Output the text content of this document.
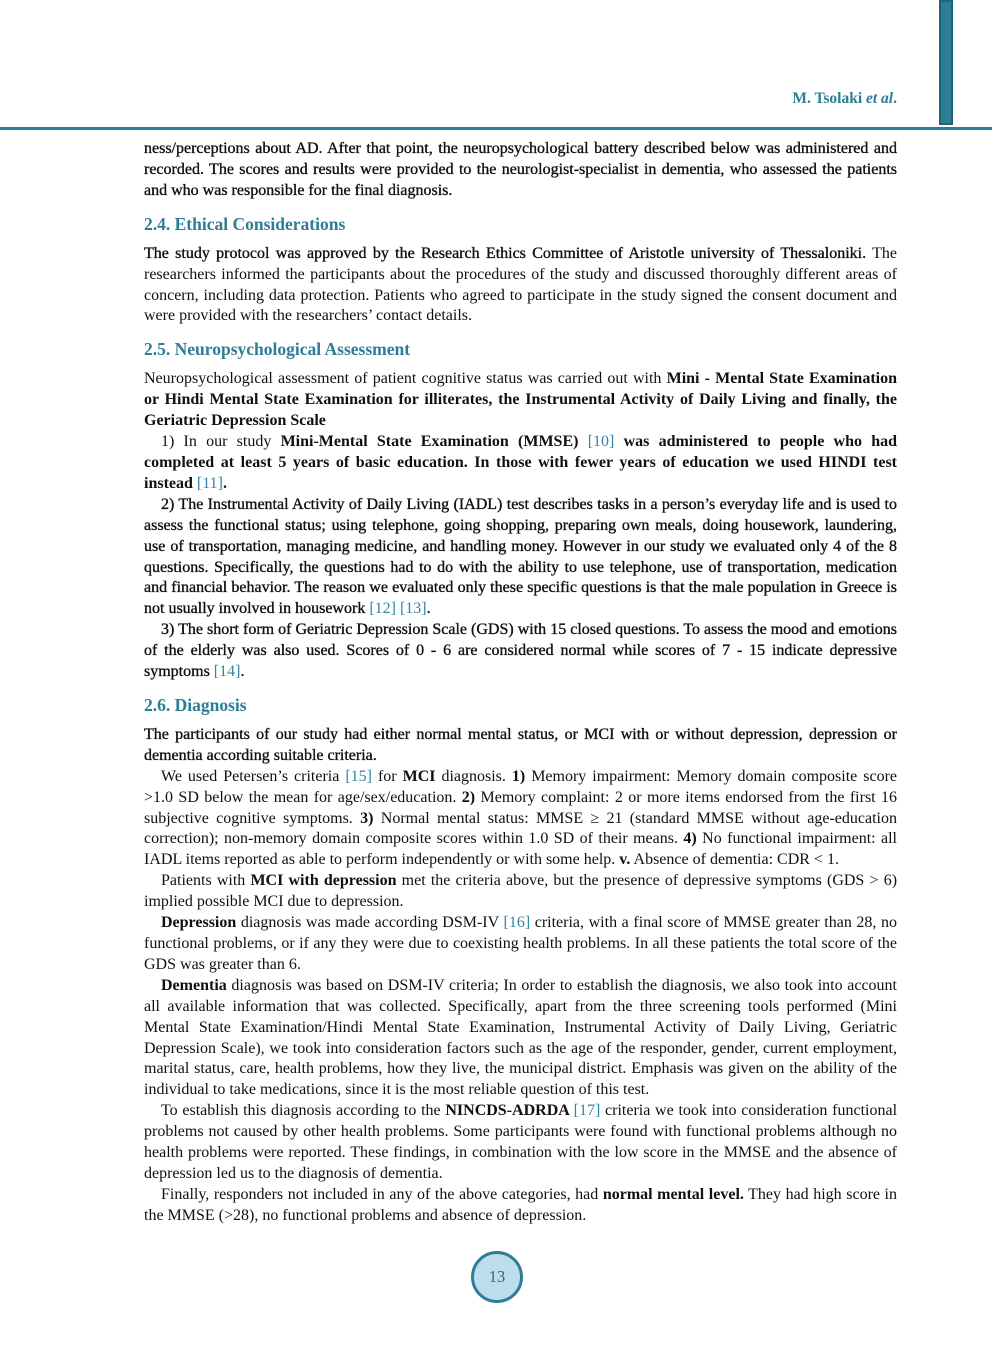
M. Tsolaki et al.

ness/perceptions about AD. After that point, the neuropsychological battery described below was administered and recorded. The scores and results were provided to the neurologist-specialist in dementia, who assessed the patients and who was responsible for the final diagnosis.

2.4. Ethical Considerations

The study protocol was approved by the Research Ethics Committee of Aristotle university of Thessaloniki. The researchers informed the participants about the procedures of the study and discussed thoroughly different areas of concern, including data protection. Patients who agreed to participate in the study signed the consent document and were provided with the researchers’ contact details.

2.5. Neuropsychological Assessment

Neuropsychological assessment of patient cognitive status was carried out with Mini - Mental State Examination or Hindi Mental State Examination for illiterates, the Instrumental Activity of Daily Living and finally, the Geriatric Depression Scale

1) In our study Mini-Mental State Examination (MMSE) [10] was administered to people who had completed at least 5 years of basic education. In those with fewer years of education we used HINDI test instead [11].

2) The Instrumental Activity of Daily Living (IADL) test describes tasks in a person’s everyday life and is used to assess the functional status; using telephone, going shopping, preparing own meals, doing housework, laundering, use of transportation, managing medicine, and handling money. However in our study we evaluated only 4 of the 8 questions. Specifically, the questions had to do with the ability to use telephone, use of transportation, medication and financial behavior. The reason we evaluated only these specific questions is that the male population in Greece is not usually involved in housework [12] [13].

3) The short form of Geriatric Depression Scale (GDS) with 15 closed questions. To assess the mood and emotions of the elderly was also used. Scores of 0 - 6 are considered normal while scores of 7 - 15 indicate depressive symptoms [14].

2.6. Diagnosis

The participants of our study had either normal mental status, or MCI with or without depression, depression or dementia according suitable criteria.

We used Petersen’s criteria [15] for MCI diagnosis. 1) Memory impairment: Memory domain composite score >1.0 SD below the mean for age/sex/education. 2) Memory complaint: 2 or more items endorsed from the first 16 subjective cognitive symptoms. 3) Normal mental status: MMSE ≥ 21 (standard MMSE without age-education correction); non-memory domain composite scores within 1.0 SD of their means. 4) No functional impairment: all IADL items reported as able to perform independently or with some help. v. Absence of dementia: CDR < 1.

Patients with MCI with depression met the criteria above, but the presence of depressive symptoms (GDS > 6) implied possible MCI due to depression.

Depression diagnosis was made according DSM-IV [16] criteria, with a final score of MMSE greater than 28, no functional problems, or if any they were due to coexisting health problems. In all these patients the total score of the GDS was greater than 6.

Dementia diagnosis was based on DSM-IV criteria; In order to establish the diagnosis, we also took into account all available information that was collected. Specifically, apart from the three screening tools performed (Mini Mental State Examination/Hindi Mental State Examination, Instrumental Activity of Daily Living, Geriatric Depression Scale), we took into consideration factors such as the age of the responder, gender, current employment, marital status, care, health problems, how they live, the municipal district. Emphasis was given on the ability of the individual to take medications, since it is the most reliable question of this test.

To establish this diagnosis according to the NINCDS-ADRDA [17] criteria we took into consideration functional problems not caused by other health problems. Some participants were found with functional problems although no health problems were reported. These findings, in combination with the low score in the MMSE and the absence of depression led us to the diagnosis of dementia.

Finally, responders not included in any of the above categories, had normal mental level. They had high score in the MMSE (>28), no functional problems and absence of depression.

13
